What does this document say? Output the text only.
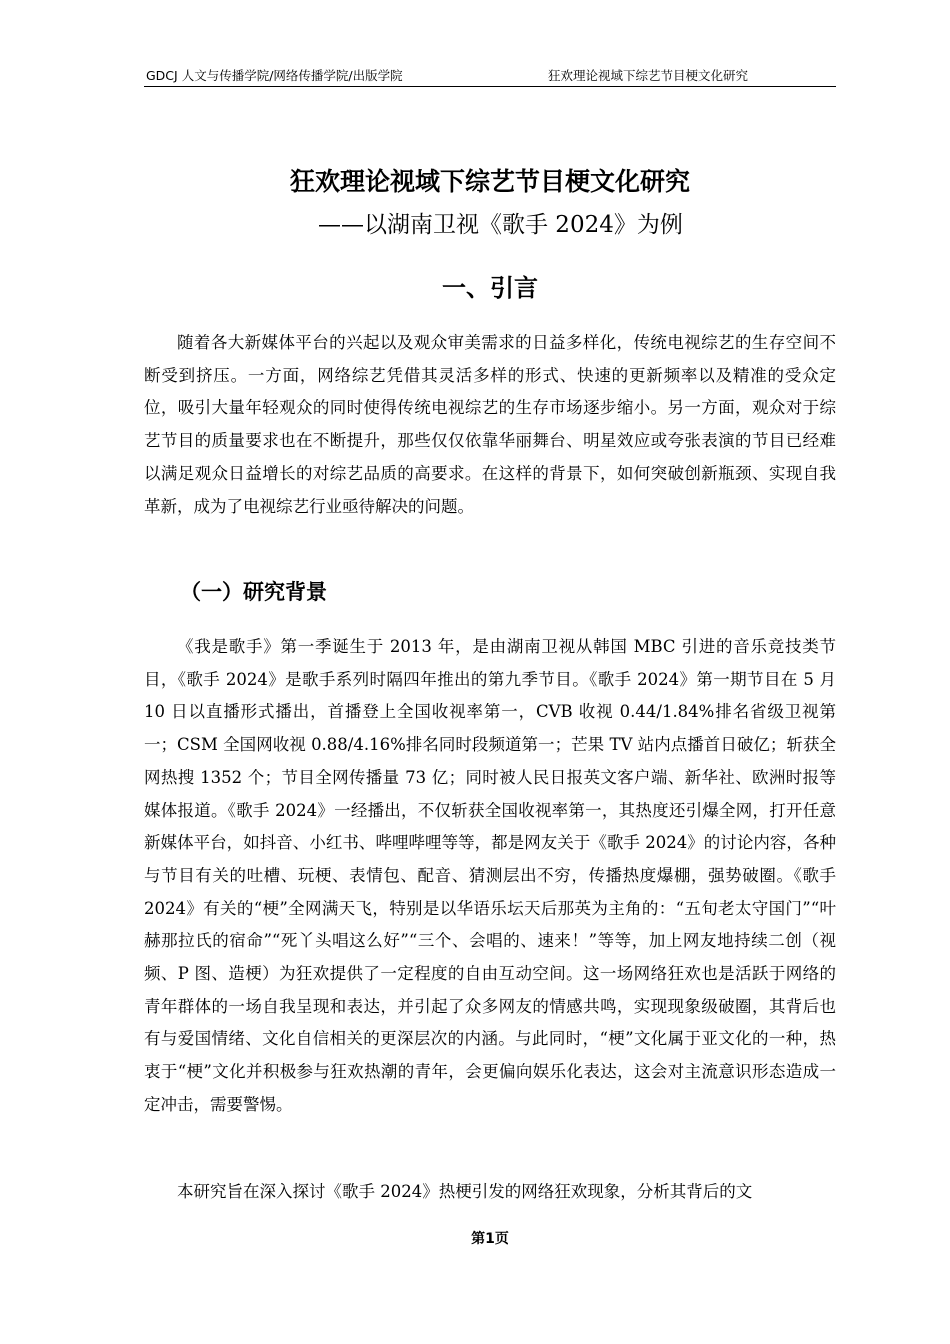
GDCJ 人文与传播学院/网络传播学院/出版学院	狂欢理论视域下综艺节目梗文化研究
狂欢理论视域下综艺节目梗文化研究
——以湖南卫视《歌手 2024》为例
一、引言

随着各大新媒体平台的兴起以及观众审美需求的日益多样化，传统电视综艺的生存空间不断受到挤压。一方面，网络综艺凭借其灵活多样的形式、快速的更新频率以及精准的受众定位，吸引大量年轻观众的同时使得传统电视综艺的生存市场逐步缩小。另一方面，观众对于综艺节目的质量要求也在不断提升，那些仅仅依靠华丽舞台、明星效应或夸张表演的节目已经难以满足观众日益增长的对综艺品质的高要求。在这样的背景下，如何突破创新瓶颈、实现自我革新，成为了电视综艺行业亟待解决的问题。

（一）研究背景

《我是歌手》第一季诞生于 2013 年，是由湖南卫视从韩国 MBC 引进的音乐竞技类节目，《歌手 2024》是歌手系列时隔四年推出的第九季节目。《歌手 2024》第一期节目在 5 月 10 日以直播形式播出，首播登上全国收视率第一，CVB 收视 0.44/1.84%排名省级卫视第一；CSM 全国网收视 0.88/4.16%排名同时段频道第一；芒果 TV 站内点播首日破亿；斩获全网热搜 1352 个；节目全网传播量 73 亿；同时被人民日报英文客户端、新华社、欧洲时报等媒体报道。《歌手 2024》一经播出，不仅斩获全国收视率第一，其热度还引爆全网，打开任意新媒体平台，如抖音、小红书、哔哩哔哩等等，都是网友关于《歌手 2024》的讨论内容，各种与节目有关的吐槽、玩梗、表情包、配音、猜测层出不穷，传播热度爆棚，强势破圈。《歌手 2024》有关的“梗”全网满天飞，特别是以华语乐坛天后那英为主角的：“五旬老太守国门”“叶赫那拉氏的宿命”“死丫头唱这么好”“三个、会唱的、速来！”等等，加上网友地持续二创（视频、P 图、造梗）为狂欢提供了一定程度的自由互动空间。这一场网络狂欢也是活跃于网络的青年群体的一场自我呈现和表达，并引起了众多网友的情感共鸣，实现现象级破圈，其背后也有与爱国情绪、文化自信相关的更深层次的内涵。与此同时，“梗”文化属于亚文化的一种，热衷于“梗”文化并积极参与狂欢热潮的青年，会更偏向娱乐化表达，这会对主流意识形态造成一定冲击，需要警惕。

本研究旨在深入探讨《歌手 2024》热梗引发的网络狂欢现象，分析其背后的文

第1页
